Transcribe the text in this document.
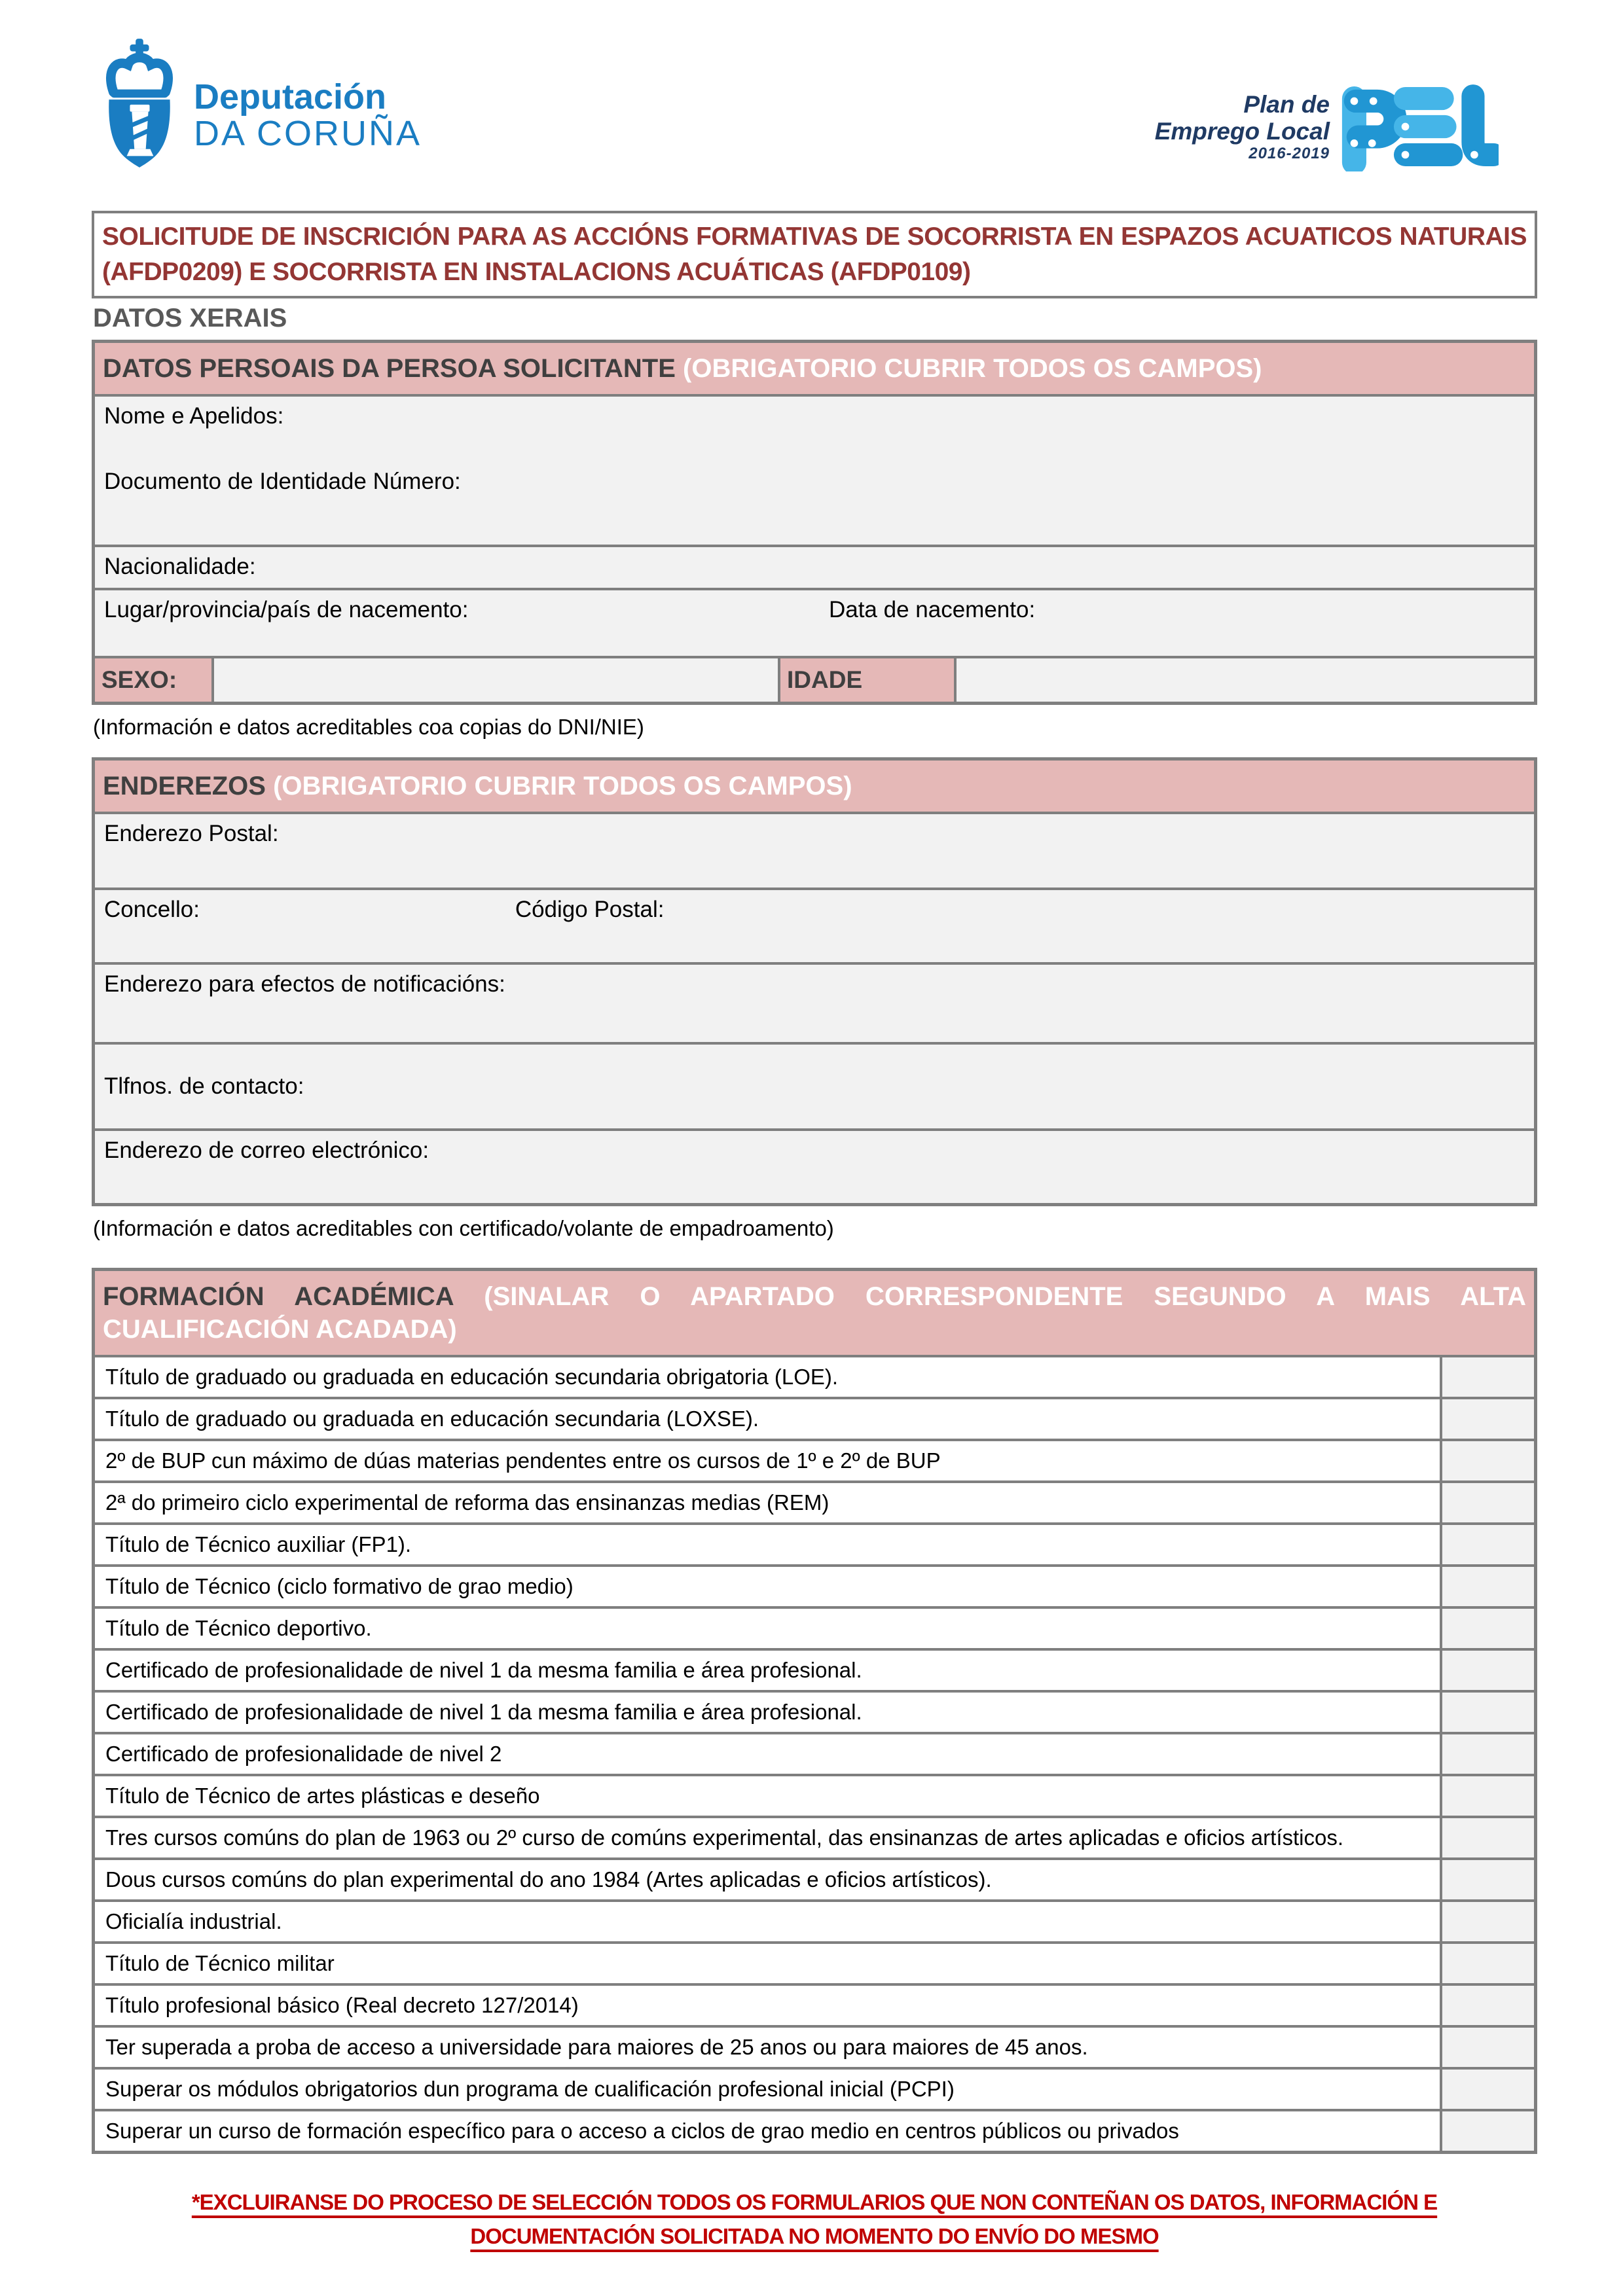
Deputación
DA CORUÑA
Plan de
Emprego Local
2016-2019
SOLICITUDE DE INSCRICIÓN PARA AS ACCIÓNS FORMATIVAS DE SOCORRISTA EN ESPAZOS ACUATICOS NATURAIS (AFDP0209) E SOCORRISTA EN INSTALACIONS ACUÁTICAS (AFDP0109)
DATOS XERAIS
DATOS PERSOAIS DA PERSOA SOLICITANTE (OBRIGATORIO CUBRIR TODOS OS CAMPOS)
Nome e Apelidos:
Documento de Identidade Número:
Nacionalidade:
Lugar/provincia/país de nacemento:	Data de nacemento:
SEXO:	IDADE
(Información e datos acreditables coa copias do DNI/NIE)
ENDEREZOS (OBRIGATORIO CUBRIR TODOS OS CAMPOS)
Enderezo Postal:
Concello:	Código Postal:
Enderezo para efectos de notificacións:
Tlfnos. de contacto:
Enderezo de correo electrónico:
(Información e datos acreditables con certificado/volante de empadroamento)
FORMACIÓN ACADÉMICA (SINALAR O APARTADO CORRESPONDENTE SEGUNDO A MAIS ALTA CUALIFICACIÓN ACADADA)
Título de graduado ou graduada en educación secundaria obrigatoria (LOE).
Título de graduado ou graduada en educación secundaria (LOXSE).
2º de BUP cun máximo de dúas materias pendentes entre os cursos de 1º e 2º de BUP
2ª do primeiro ciclo experimental de reforma das ensinanzas medias (REM)
Título de Técnico auxiliar (FP1).
Título de Técnico (ciclo formativo de grao medio)
Título de Técnico deportivo.
Certificado de profesionalidade de nivel 1 da mesma familia e área profesional.
Certificado de profesionalidade de nivel 1 da mesma familia e área profesional.
Certificado de profesionalidade de nivel 2
Título de Técnico de artes plásticas e deseño
Tres cursos comúns do plan de 1963 ou 2º curso de comúns experimental, das ensinanzas de artes aplicadas e oficios artísticos.
Dous cursos comúns do plan experimental do ano 1984 (Artes aplicadas e oficios artísticos).
Oficialía industrial.
Título de Técnico militar
Título profesional básico (Real decreto 127/2014)
Ter superada a proba de acceso a universidade para maiores de 25 anos ou para maiores de 45 anos.
Superar os módulos obrigatorios dun programa de cualificación profesional inicial (PCPI)
Superar un curso de formación específico para o acceso a ciclos de grao medio en centros públicos ou privados
*EXCLUIRANSE DO PROCESO DE SELECCIÓN TODOS OS FORMULARIOS QUE NON CONTEÑAN OS DATOS, INFORMACIÓN E DOCUMENTACIÓN SOLICITADA NO MOMENTO DO ENVÍO DO MESMO
